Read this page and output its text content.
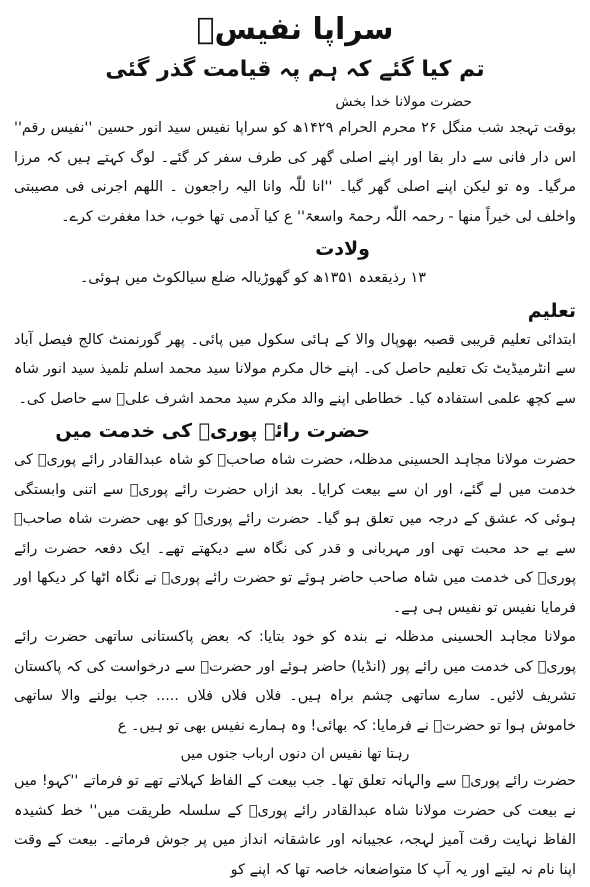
سراپا نفیسؒ
تم کیا گئے کہ ہم پہ قیامت گذر گئی
حضرت مولانا خدا بخش

بوقت تہجد شب منگل ۲۶ محرم الحرام ۱۴۲۹ھ کو سراپا نفیس سید انور حسین ''نفیس رقم'' اس دار فانی سے دار بقا اور اپنے اصلی گھر کی طرف سفر کر گئے۔ لوگ کہتے ہیں کہ مرزا مرگیا۔ وہ تو لیکن اپنے اصلی گھر گیا۔ ''انا للّٰہ وانا الیہ راجعون ۔ اللھم اجرنی فی مصیبتی واخلف لی خیراً منھا - رحمہ اللّٰہ رحمۃ واسعۃ'' ع کیا آدمی تھا خوب، خدا مغفرت کرے۔

ولادت

۱۳ رذیقعدہ ۱۳۵۱ھ کو گھوڑیالہ ضلع سیالکوٹ میں ہوئی۔

تعلیم

ابتدائی تعلیم قریبی قصبہ بھوپال والا کے ہائی سکول میں پائی۔ پھر گورنمنٹ کالج فیصل آباد سے انٹرمیڈیٹ تک تعلیم حاصل کی۔ اپنے خال مکرم مولانا سید محمد اسلم تلمیذ سید انور شاہ سے کچھ علمی استفادہ کیا۔ خطاطی اپنے والد مکرم سید محمد اشرف علیؒ سے حاصل کی۔

حضرت رائے پوریؒ کی خدمت میں

حضرت مولانا مجاہد الحسینی مدظلہ، حضرت شاہ صاحبؒ کو شاہ عبدالقادر رائے پوریؒ کی خدمت میں لے گئے، اور ان سے بیعت کرایا۔ بعد ازاں حضرت رائے پوریؒ سے اتنی وابستگی ہوئی کہ عشق کے درجہ میں تعلق ہو گیا۔ حضرت رائے پوریؒ کو بھی حضرت شاہ صاحبؒ سے بے حد محبت تھی اور مہربانی و قدر کی نگاہ سے دیکھتے تھے۔ ایک دفعہ حضرت رائے پوریؒ کی خدمت میں شاہ صاحب حاضر ہوئے تو حضرت رائے پوریؒ نے نگاہ اٹھا کر دیکھا اور فرمایا نفیس تو نفیس ہی ہے۔

مولانا مجاہد الحسینی مدظلہ نے بندہ کو خود بتایا: کہ بعض پاکستانی ساتھی حضرت رائے پوریؒ کی خدمت میں رائے پور (انڈیا) حاضر ہوئے اور حضرتؒ سے درخواست کی کہ پاکستان تشریف لائیں۔ سارے ساتھی چشم براہ ہیں۔ فلاں فلاں فلاں ..... جب بولنے والا ساتھی خاموش ہوا تو حضرتؒ نے فرمایا: کہ بھائی! وہ ہمارے نفیس بھی تو ہیں۔ ع

رہتا تھا نفیس ان دنوں ارباب جنوں میں

حضرت رائے پوریؒ سے والہانہ تعلق تھا۔ جب بیعت کے الفاظ کہلاتے تھے تو فرماتے ''کہو! میں نے بیعت کی حضرت مولانا شاہ عبدالقادر رائے پوریؒ کے سلسلہ طریقت میں'' خط کشیدہ الفاظ نہایت رقت آمیز لہجہ، عجیبانہ اور عاشقانہ انداز میں پر جوش فرماتے۔ بیعت کے وقت اپنا نام نہ لیتے اور یہ آپ کا متواضعانہ خاصہ تھا کہ اپنے کو
